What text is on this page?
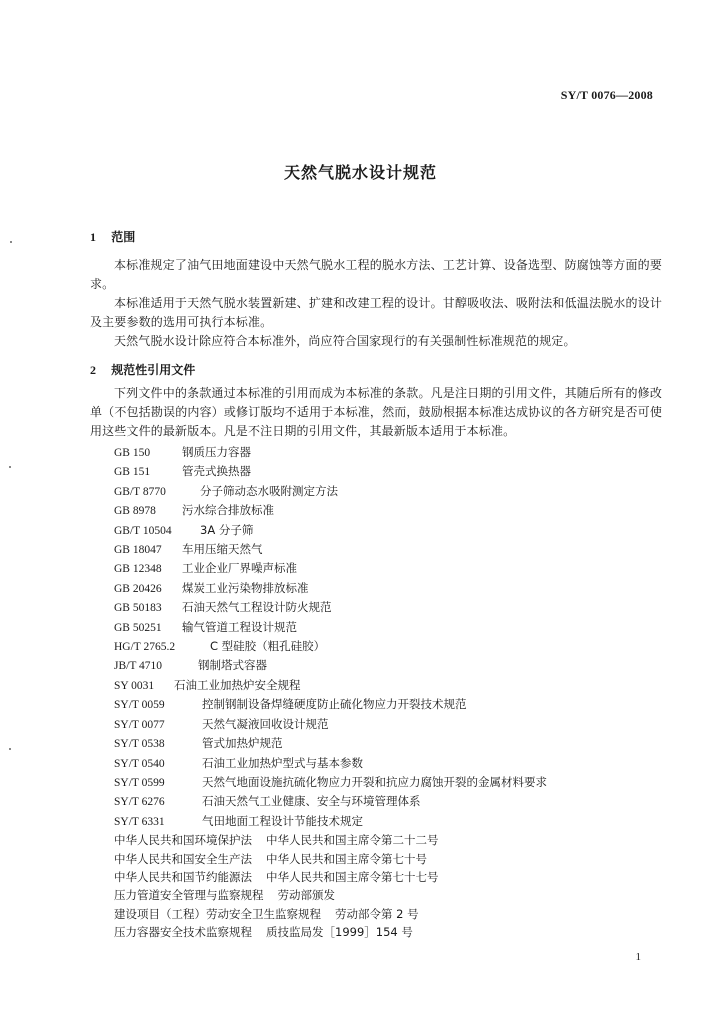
SY/T 0076—2008
天然气脱水设计规范
1 范围

本标准规定了油气田地面建设中天然气脱水工程的脱水方法、工艺计算、设备选型、防腐蚀等方面的要求。

本标准适用于天然气脱水装置新建、扩建和改建工程的设计。甘醇吸收法、吸附法和低温法脱水的设计及主要参数的选用可执行本标准。

天然气脱水设计除应符合本标准外，尚应符合国家现行的有关强制性标准规范的规定。

2 规范性引用文件

下列文件中的条款通过本标准的引用而成为本标准的条款。凡是注日期的引用文件，其随后所有的修改单（不包括勘误的内容）或修订版均不适用于本标准，然而，鼓励根据本标准达成协议的各方研究是否可使用这些文件的最新版本。凡是不注日期的引用文件，其最新版本适用于本标准。

GB 150	钢质压力容器
GB 151	管壳式换热器
GB/T 8770	分子筛动态水吸附测定方法
GB 8978 污水综合排放标准
GB/T 10504 3A 分子筛
GB 18047 车用压缩天然气
GB 12348 工业企业厂界噪声标准
GB 20426 煤炭工业污染物排放标准
GB 50183 石油天然气工程设计防火规范
GB 50251 输气管道工程设计规范
HG/T 2765.2	C 型硅胶（粗孔硅胶）
JB/T 4710	钢制塔式容器
SY 0031 石油工业加热炉安全规程
SY/T 0059	控制钢制设备焊缝硬度防止硫化物应力开裂技术规范
SY/T 0077	天然气凝液回收设计规范
SY/T 0538	管式加热炉规范
SY/T 0540	石油工业加热炉型式与基本参数
SY/T 0599	天然气地面设施抗硫化物应力开裂和抗应力腐蚀开裂的金属材料要求
SY/T 6276	石油天然气工业健康、安全与环境管理体系
SY/T 6331	气田地面工程设计节能技术规定
中华人民共和国环境保护法 中华人民共和国主席令第二十二号
中华人民共和国安全生产法 中华人民共和国主席令第七十号
中华人民共和国节约能源法 中华人民共和国主席令第七十七号
压力管道安全管理与监察规程 劳动部颁发
建设项目（工程）劳动安全卫生监察规程 劳动部令第 2 号
压力容器安全技术监察规程 质技监局发［1999］154 号
1
